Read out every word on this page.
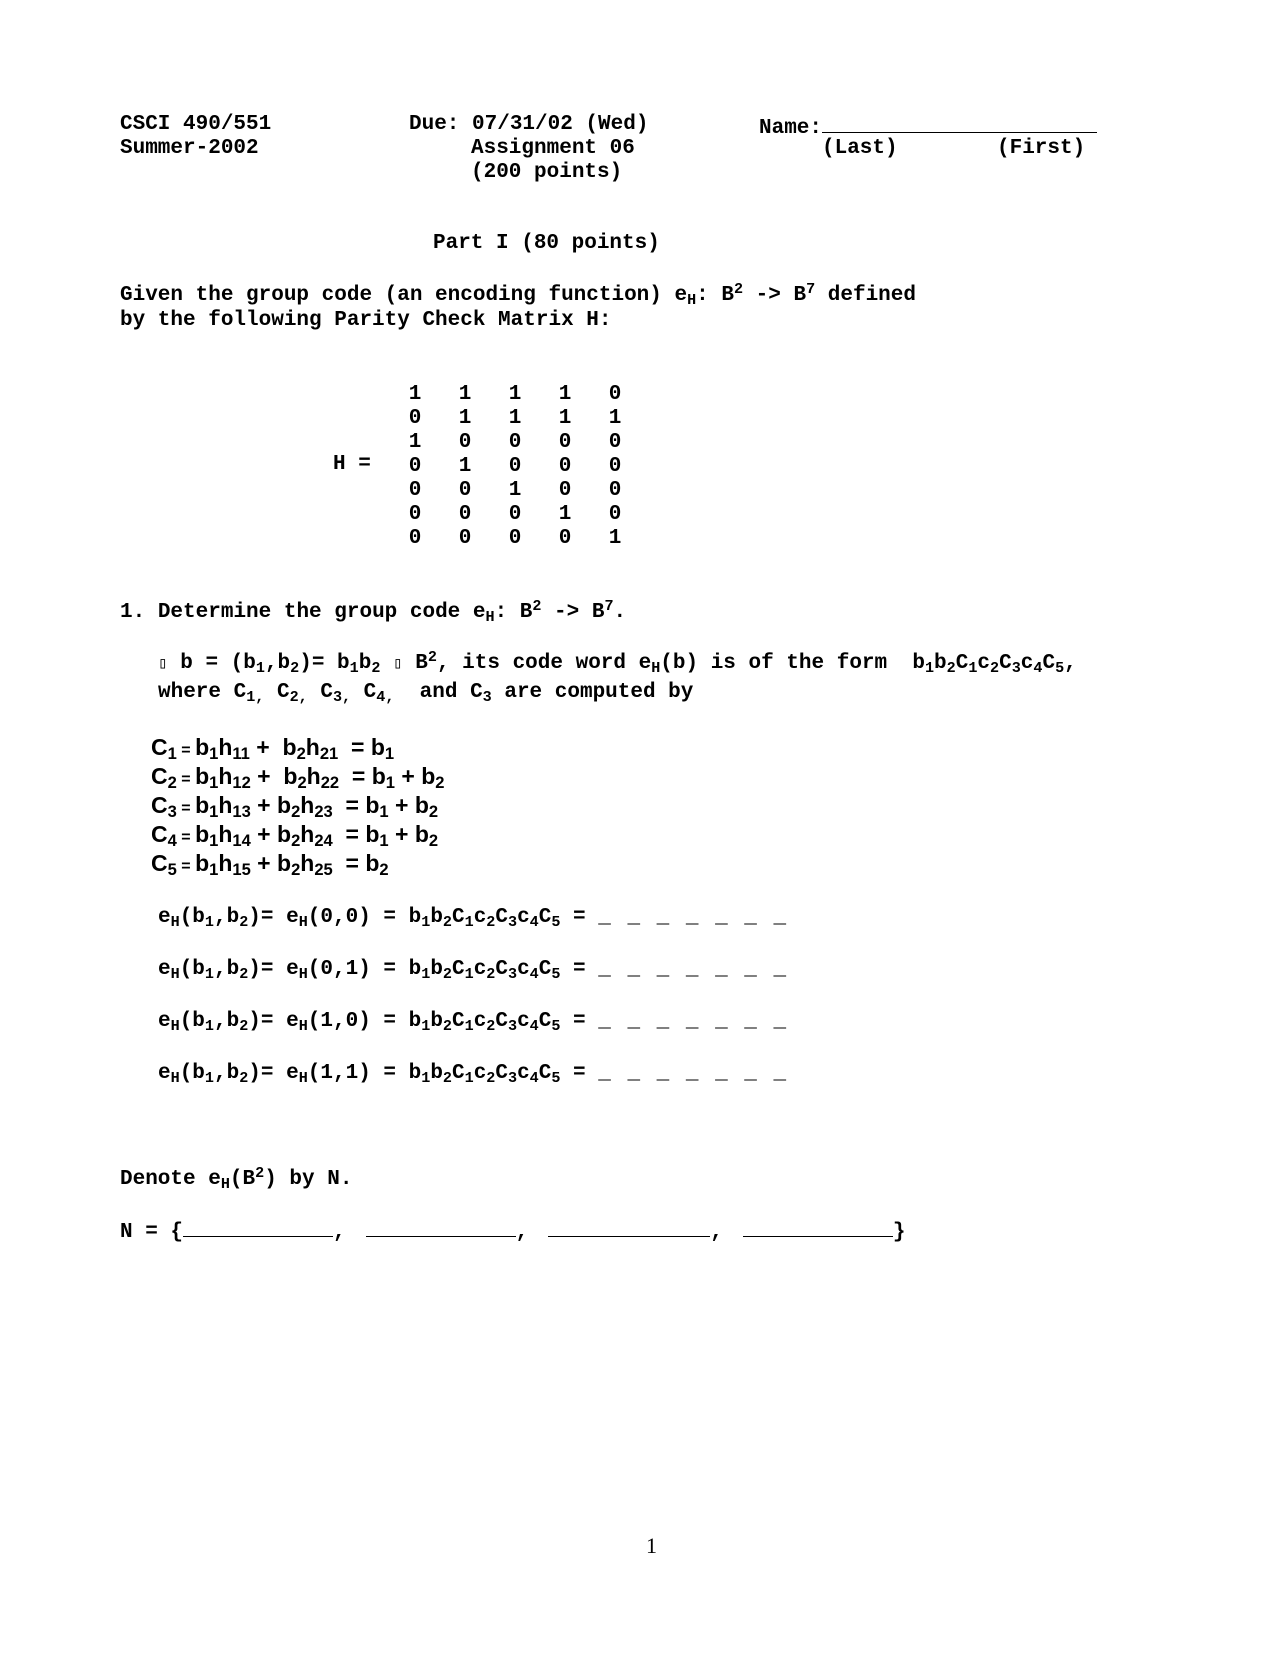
CSCI 490/551
Summer-2002
Due: 07/31/02 (Wed)
Assignment 06
(200 points)
Name:
(Last)	(First)
Part I (80 points)
Given the group code (an encoding function) $e_H$: $B^2 -> B^7$ defined
by the following Parity Check Matrix H:
H =
1 1 1 1 0
0 1 1 1 1
1 0 0 0 0
0 1 0 0 0
0 0 1 0 0
0 0 0 1 0
0 0 0 0 1
1. Determine the group code $e_H$: $B^2 -> B^7$.
▯ $b = (b_1,b_2)= b_1b_2$ ▯ $B^2$, its code word $e_H(b)$ is of the form  $b_1b_2C_1c_2C_3c_4C_5$,
where $C_{1,}$ $C_{2,}$ $C_{3,}$ $C_{4,}$ and $C_3$ are computed by
$C_1 = b_1h_{11} + b_2h_{21} = b_1$
$C_2 = b_1h_{12} + b_2h_{22} = b_1 + b_2$
$C_3 = b_1h_{13} + b_2h_{23} = b_1 + b_2$
$C_4 = b_1h_{14} + b_2h_{24} = b_1 + b_2$
$C_5 = b_1h_{15} + b_2h_{25} = b_2$
$e_H(b_1,b_2)= e_H(0,0) = b_1b_2C_1c_2C_3c_4C_5$ = _ _ _ _ _ _ _
$e_H(b_1,b_2)= e_H(0,1) = b_1b_2C_1c_2C_3c_4C_5$ = _ _ _ _ _ _ _
$e_H(b_1,b_2)= e_H(1,0) = b_1b_2C_1c_2C_3c_4C_5$ = _ _ _ _ _ _ _
$e_H(b_1,b_2)= e_H(1,1) = b_1b_2C_1c_2C_3c_4C_5$ = _ _ _ _ _ _ _
Denote $e_H(B^2)$ by N.
N = {	,	,	,	}
1
